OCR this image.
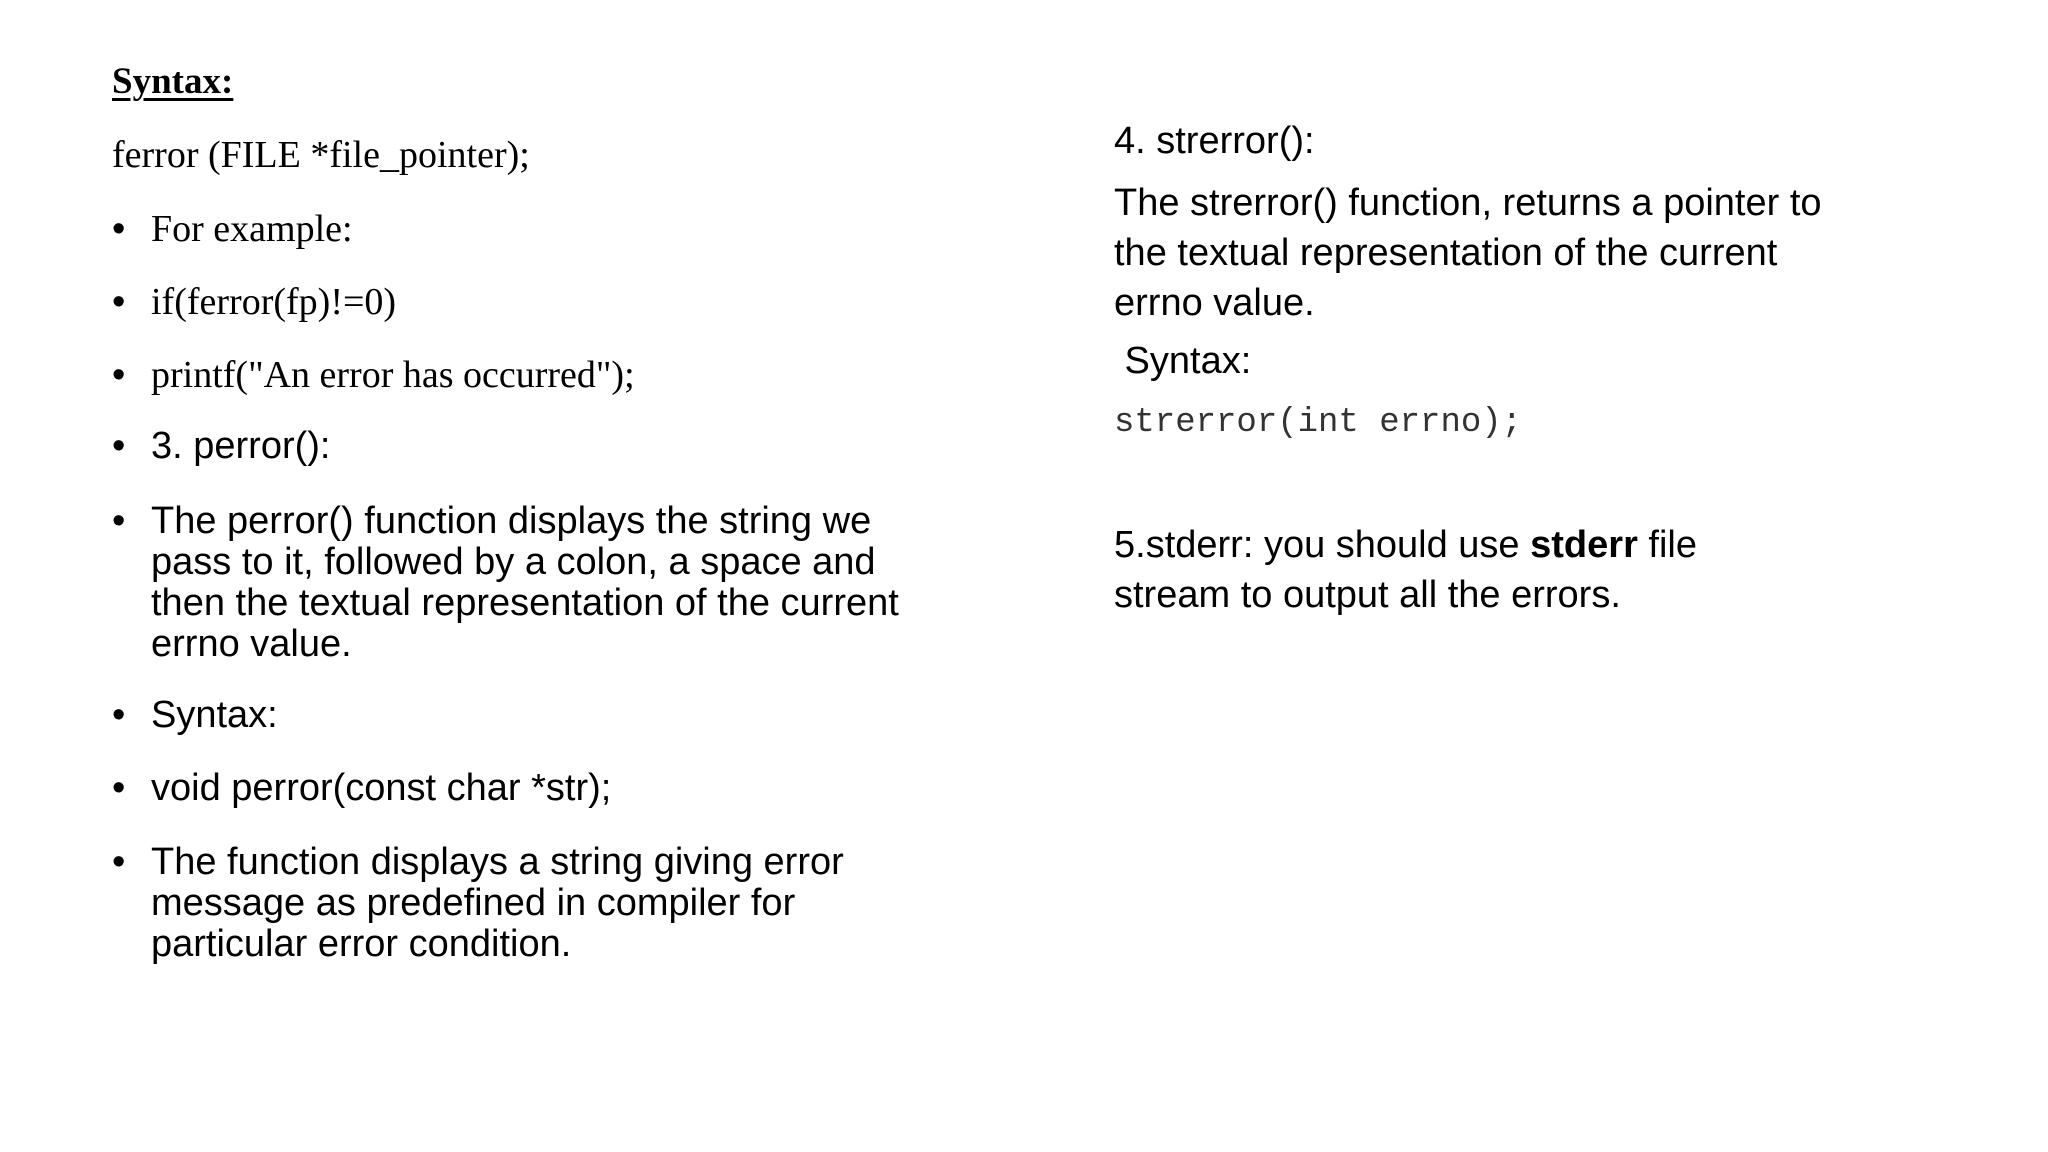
Syntax:
ferror (FILE *file_pointer);
• For example:
• if(ferror(fp)!=0)
• printf("An error has occurred");
• 3. perror():
• The perror() function displays the string we pass to it, followed by a colon, a space and then the textual representation of the current errno value.
• Syntax:
• void perror(const char *str);
• The function displays a string giving error message as predefined in compiler for particular error condition.
4. strerror():
The strerror() function, returns a pointer to the textual representation of the current errno value.
Syntax:
strerror(int errno);
5.stderr: you should use stderr file stream to output all the errors.
